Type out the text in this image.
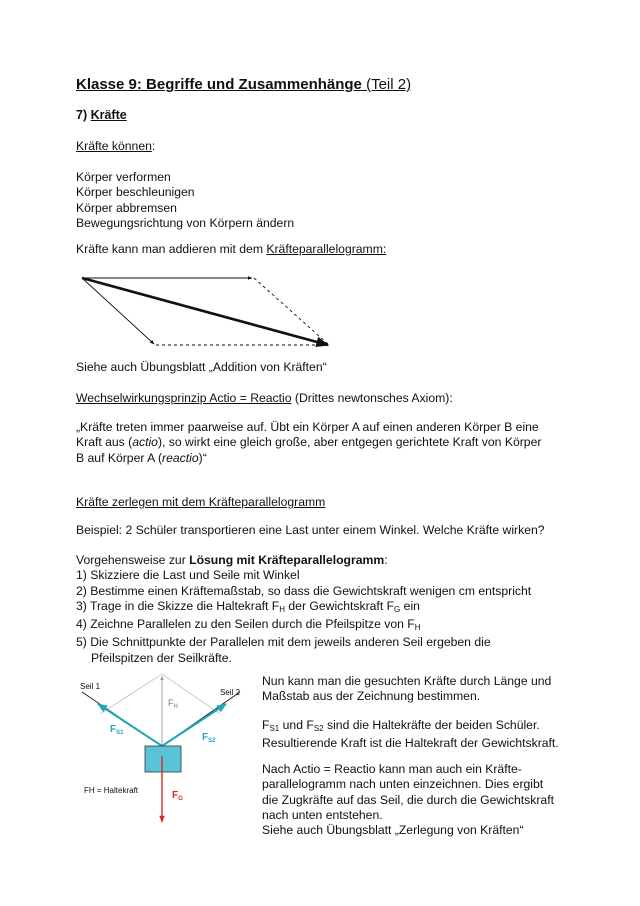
Klasse 9: Begriffe und Zusammenhänge (Teil 2)
7) Kräfte
Kräfte können:
Körper verformen
Körper beschleunigen
Körper abbremsen
Bewegungsrichtung von Körpern ändern
Kräfte kann man addieren mit dem Kräfteparallelogramm:
Siehe auch Übungsblatt „Addition von Kräften“
Wechselwirkungsprinzip Actio = Reactio (Drittes newtonsches Axiom):
„Kräfte treten immer paarweise auf. Übt ein Körper A auf einen anderen Körper B eine
Kraft aus (actio), so wirkt eine gleich große, aber entgegen gerichtete Kraft von Körper
B auf Körper A (reactio)“
Kräfte zerlegen mit dem Kräfteparallelogramm
Beispiel: 2 Schüler transportieren eine Last unter einem Winkel. Welche Kräfte wirken?
Vorgehensweise zur Lösung mit Kräfteparallelogramm:
1) Skizziere die Last und Seile mit Winkel
2) Bestimme einen Kräftemaßstab, so dass die Gewichtskraft wenigen cm entspricht
3) Trage in die Skizze die Haltekraft $F_H$ der Gewichtskraft $F_G$ ein
4) Zeichne Parallelen zu den Seilen durch die Pfeilspitze von $F_H$
5) Die Schnittpunkte der Parallelen mit dem jeweils anderen Seil ergeben die
Pfeilspitzen der Seilkräfte.
Seil 1
Seil 2
$F_H$
$F_{S1}$	$F_{S2}$
$F_G$
FH = Haltekraft
Nun kann man die gesuchten Kräfte durch Länge und
Maßstab aus der Zeichnung bestimmen.
$F_{S1}$ und $F_{S2}$ sind die Haltekräfte der beiden Schüler.
Resultierende Kraft ist die Haltekraft der Gewichtskraft.
Nach Actio = Reactio kann man auch ein Kräfte-
parallelogramm nach unten einzeichnen. Dies ergibt
die Zugkräfte auf das Seil, die durch die Gewichtskraft
nach unten entstehen.
Siehe auch Übungsblatt „Zerlegung von Kräften“
